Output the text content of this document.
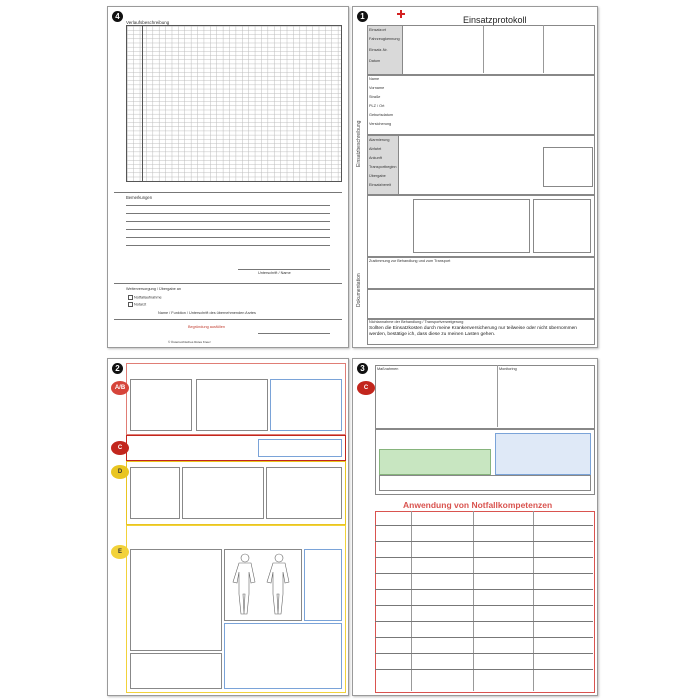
4
Verlaufsbeschreibung
Bemerkungen
Unterschrift / Name
Weiterversorgung / Übergabe an
Notfallaufnahme
Notarzt
Name / Funktion / Unterschrift des übernehmenden Arztes
Begründung ausfüllen
© Österreichisches Rotes Kreuz
1	Einsatzprotokoll
Einsatzbeschreibung
Dokumentation
Einsatzort
Fahrzeugkennung
Einsatz-Nr.
Datum
Name
Vorname
Straße
PLZ / Ort
Geburtsdatum
Versicherung
Alarmierung
Abfahrt
Ankunft
Transportbeginn
Übergabe
Einsatzbereit
Zustimmung zur Behandlung und zum Transport
Nichtannahme der Behandlung / Transportverweigerung
Sollten die Einsatzkosten durch meine Krankenversicherung nur teilweise oder nicht übernommen werden, bestätige ich, dass diese zu meinen Lasten gehen.
2
A/B
C
D
E
3
C
Maßnahmen	Monitoring
Anwendung von Notfallkompetenzen
